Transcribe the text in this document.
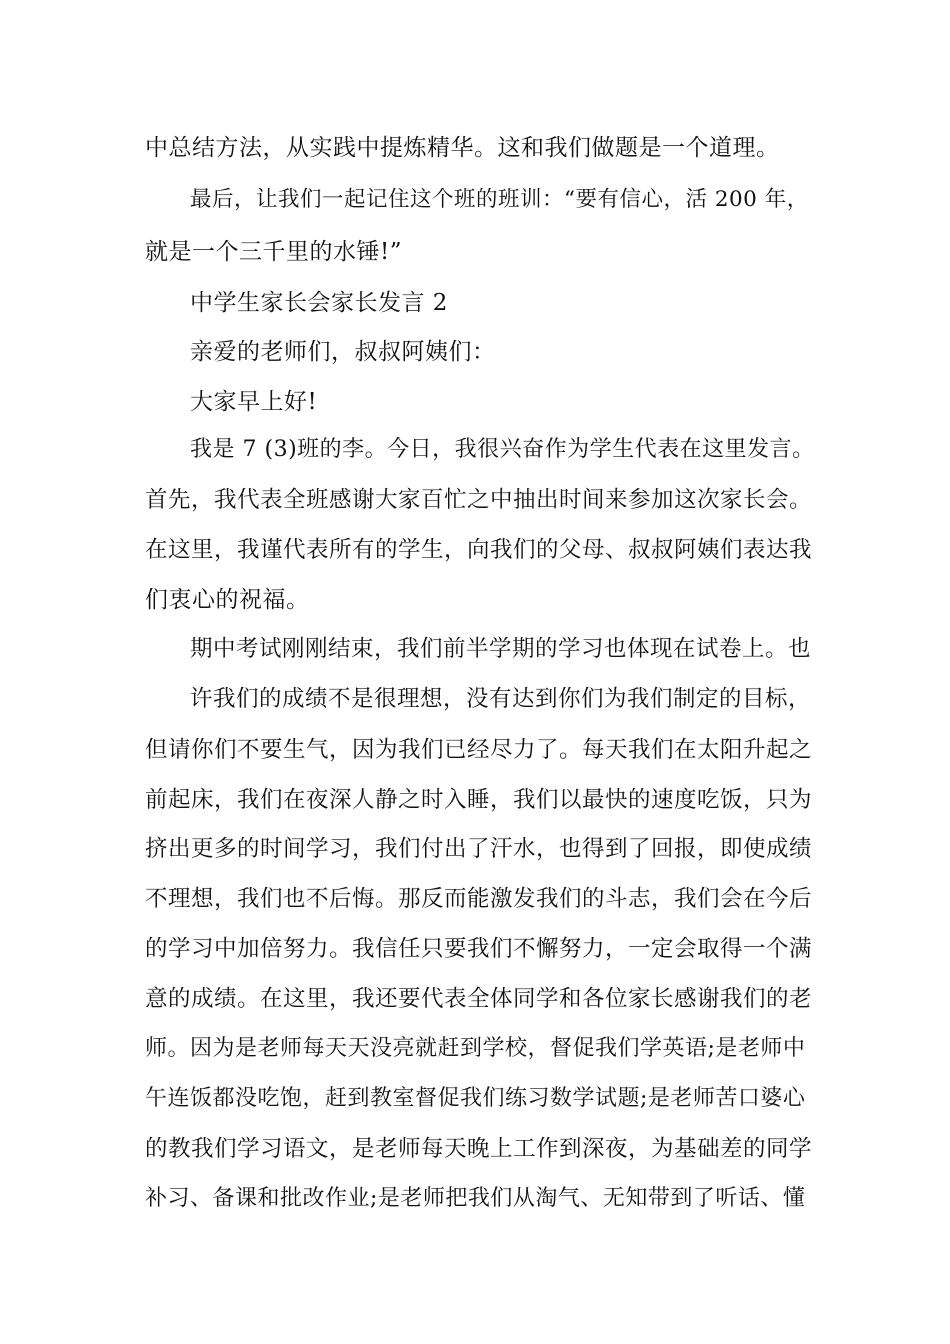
中总结方法，从实践中提炼精华。这和我们做题是一个道理。

最后，让我们一起记住这个班的班训：“要有信心，活 200 年，

就是一个三千里的水锤!”

中学生家长会家长发言 2

亲爱的老师们，叔叔阿姨们：

大家早上好!

我是 7 (3)班的李。今日，我很兴奋作为学生代表在这里发言。

首先，我代表全班感谢大家百忙之中抽出时间来参加这次家长会。

在这里，我谨代表所有的学生，向我们的父母、叔叔阿姨们表达我

们衷心的祝福。

期中考试刚刚结束，我们前半学期的学习也体现在试卷上。也

许我们的成绩不是很理想，没有达到你们为我们制定的目标，

但请你们不要生气，因为我们已经尽力了。每天我们在太阳升起之

前起床，我们在夜深人静之时入睡，我们以最快的速度吃饭，只为

挤出更多的时间学习，我们付出了汗水，也得到了回报，即使成绩

不理想，我们也不后悔。那反而能激发我们的斗志，我们会在今后

的学习中加倍努力。我信任只要我们不懈努力，一定会取得一个满

意的成绩。在这里，我还要代表全体同学和各位家长感谢我们的老

师。因为是老师每天天没亮就赶到学校，督促我们学英语;是老师中

午连饭都没吃饱，赶到教室督促我们练习数学试题;是老师苦口婆心

的教我们学习语文，是老师每天晚上工作到深夜，为基础差的同学

补习、备课和批改作业;是老师把我们从淘气、无知带到了听话、懂
